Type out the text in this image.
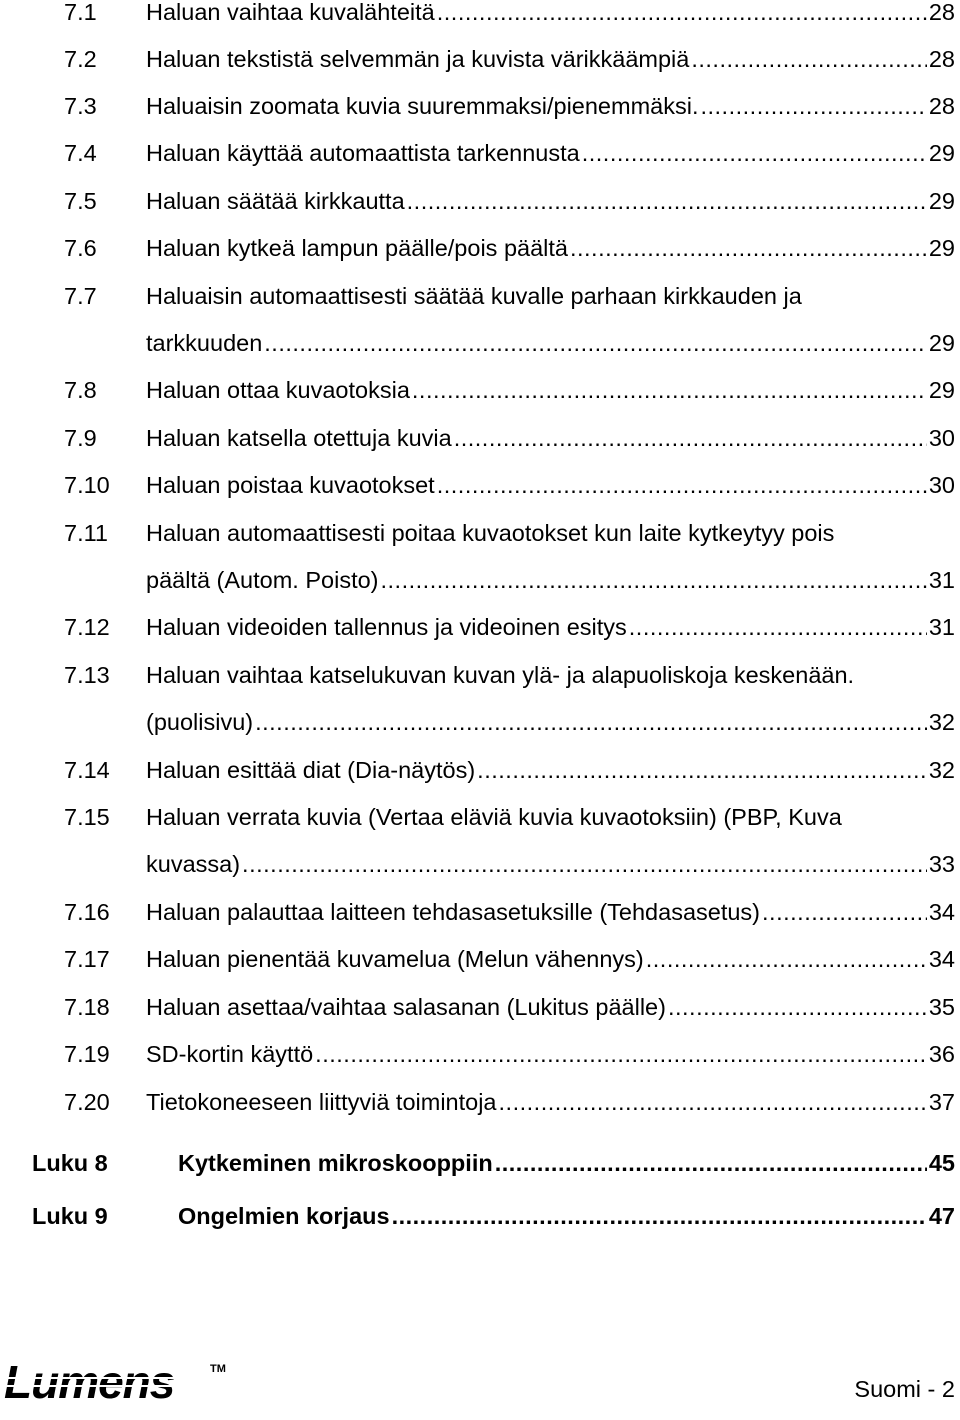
7.1 Haluan vaihtaa kuvalähteitä .....	28
7.2 Haluan tekstistä selvemmän ja kuvista värikkäämpiä .....	28
7.3 Haluaisin zoomata kuvia suuremmaksi/pienemmäksi. .....	28
7.4 Haluan käyttää automaattista tarkennusta .....	29
7.5 Haluan säätää kirkkautta .....	29
7.6 Haluan kytkeä lampun päälle/pois päältä .....	29
7.7 Haluaisin automaattisesti säätää kuvalle parhaan kirkkauden ja
tarkkuuden .....	29
7.8 Haluan ottaa kuvaotoksia .....	29
7.9 Haluan katsella otettuja kuvia .....	30
7.10 Haluan poistaa kuvaotokset .....	30
7.11 Haluan automaattisesti poitaa kuvaotokset kun laite kytkeytyy pois
päältä (Autom. Poisto) .....	31
7.12 Haluan videoiden tallennus ja videoinen esitys .....	31
7.13 Haluan vaihtaa katselukuvan kuvan ylä- ja alapuoliskoja keskenään.
(puolisivu) .....	32
7.14 Haluan esittää diat (Dia-näytös) .....	32
7.15 Haluan verrata kuvia (Vertaa eläviä kuvia kuvaotoksiin) (PBP, Kuva
kuvassa) .....	33
7.16 Haluan palauttaa laitteen tehdasasetuksille (Tehdasasetus) .....	34
7.17 Haluan pienentää kuvamelua (Melun vähennys) .....	34
7.18 Haluan asettaa/vaihtaa salasanan (Lukitus päälle) .....	35
7.19 SD-kortin käyttö .....	36
7.20 Tietokoneeseen liittyviä toimintoja .....	37
Luku 8	Kytkeminen mikroskooppiin .....	45
Luku 9	Ongelmien korjaus .....	47
Lumens	TM
Suomi - 2
